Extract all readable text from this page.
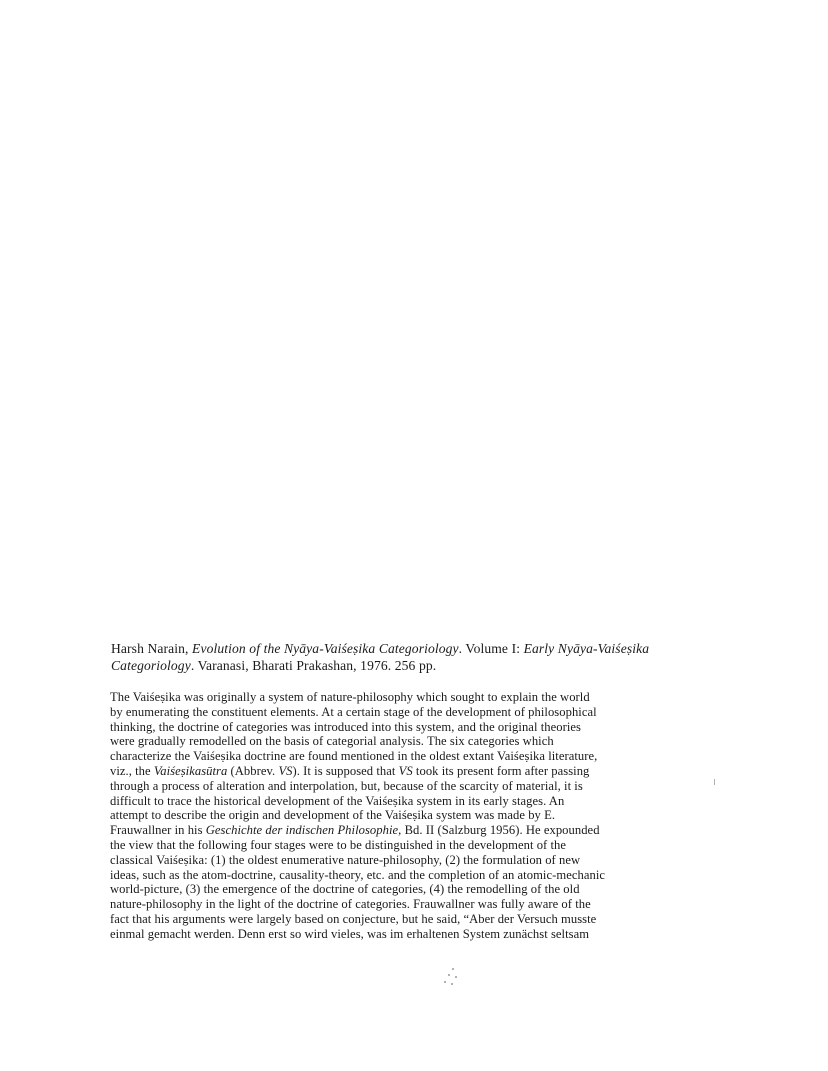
Harsh Narain, Evolution of the Nyāya-Vaiśeṣika Categoriology. Volume I: Early Nyāya-Vaiśeṣika
Categoriology. Varanasi, Bharati Prakashan, 1976. 256 pp.
The Vaiśeṣika was originally a system of nature-philosophy which sought to explain the world
by enumerating the constituent elements. At a certain stage of the development of philosophical
thinking, the doctrine of categories was introduced into this system, and the original theories
were gradually remodelled on the basis of categorial analysis. The six categories which
characterize the Vaiśeṣika doctrine are found mentioned in the oldest extant Vaiśeṣika literature,
viz., the Vaiśeṣikasūtra (Abbrev. VS). It is supposed that VS took its present form after passing
through a process of alteration and interpolation, but, because of the scarcity of material, it is
difficult to trace the historical development of the Vaiśeṣika system in its early stages. An
attempt to describe the origin and development of the Vaiśeṣika system was made by E.
Frauwallner in his Geschichte der indischen Philosophie, Bd. II (Salzburg 1956). He expounded
the view that the following four stages were to be distinguished in the development of the
classical Vaiśeṣika: (1) the oldest enumerative nature-philosophy, (2) the formulation of new
ideas, such as the atom-doctrine, causality-theory, etc. and the completion of an atomic-mechanic
world-picture, (3) the emergence of the doctrine of categories, (4) the remodelling of the old
nature-philosophy in the light of the doctrine of categories. Frauwallner was fully aware of the
fact that his arguments were largely based on conjecture, but he said, “Aber der Versuch musste
einmal gemacht werden. Denn erst so wird vieles, was im erhaltenen System zunächst seltsam
